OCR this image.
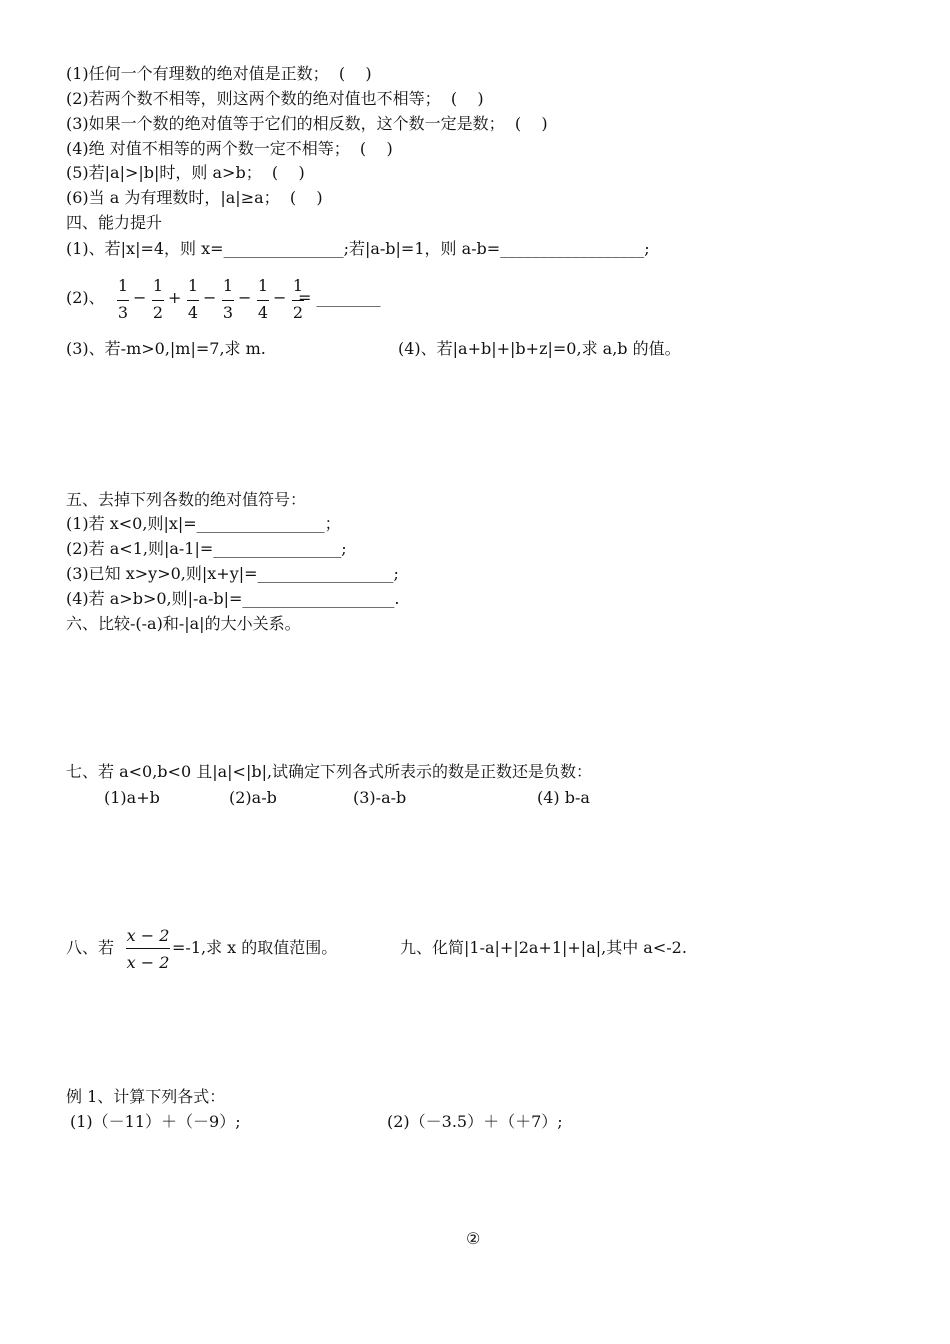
(1)任何一个有理数的绝对值是正数；  (    )
(2)若两个数不相等，则这两个数的绝对值也不相等；  (    )
(3)如果一个数的绝对值等于它们的相反数，这个数一定是数；  (    )
(4)绝 对值不相等的两个数一定不相等；  (    )
(5)若|a|>|b|时，则 a>b；  (    )
(6)当 a 为有理数时，|a|≥a；  (    )
四、能力提升
(1)、若|x|=4，则 x=_______________;若|a-b|=1，则 a-b=__________________;
(2)、
1
3
−
1
2
+
1
4
−
1
3
−
1
4
−
1
2
= ________
(3)、若-m>0,|m|=7,求 m.	(4)、若|a+b|+|b+z|=0,求 a,b 的值。
五、去掉下列各数的绝对值符号：
(1)若 x<0,则|x|=________________；
(2)若 a<1,则|a-1|=________________;
(3)已知 x>y>0,则|x+y|=_________________;
(4)若 a>b>0,则|-a-b|=___________________.
六、比较-(-a)和-|a|的大小关系。
七、若 a<0,b<0 且|a|<|b|,试确定下列各式所表示的数是正数还是负数：
(1)a+b	(2)a-b	(3)-a-b	(4) b-a
八、若
x − 2
x − 2
=-1,求 x 的取值范围。	九、化简|1-a|+|2a+1|+|a|,其中 a<-2.
例 1、计算下列各式：
(1)（－11）＋（－9）;	(2)（－3.5）＋（＋7）;
②
